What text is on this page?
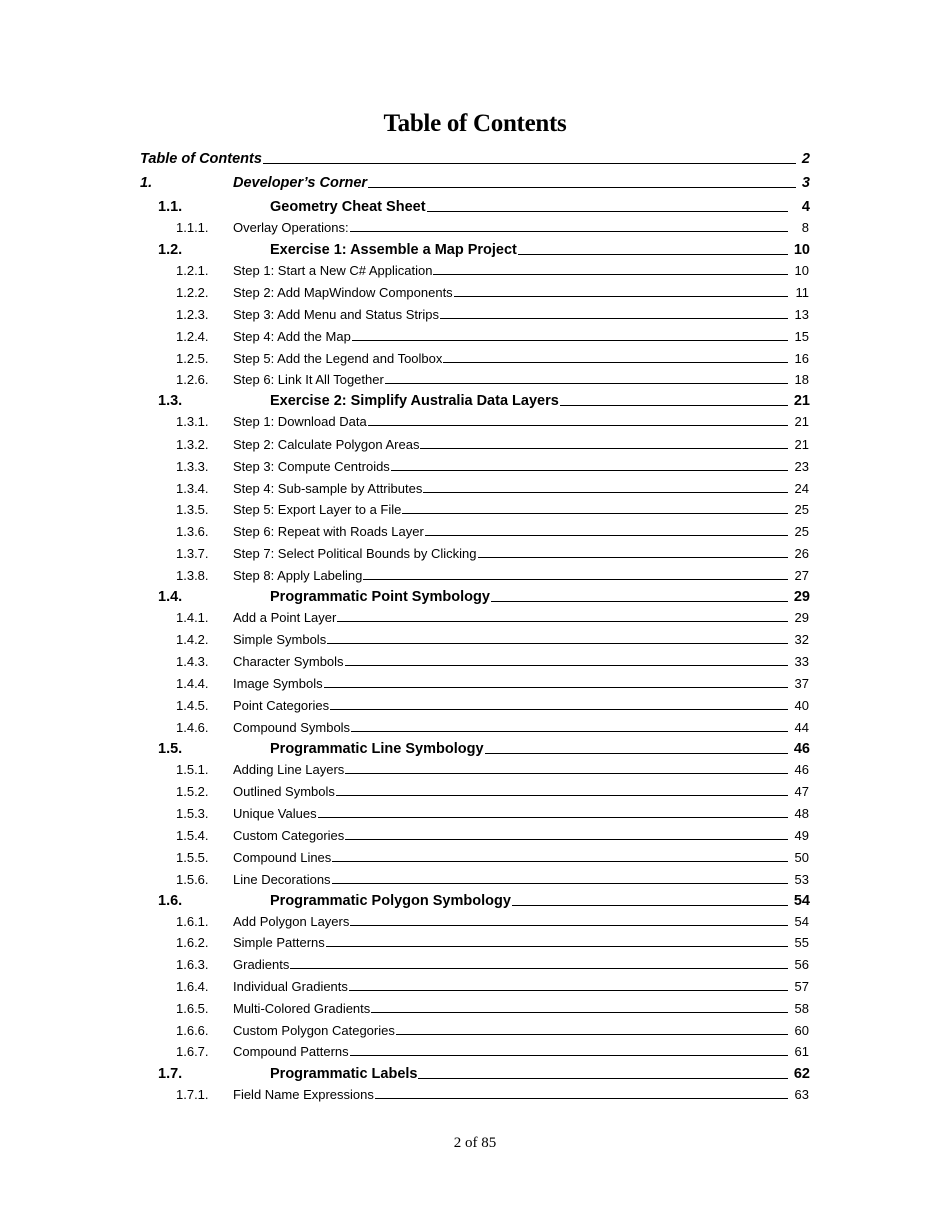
Table of Contents
Table of Contents	2
1.	Developer’s Corner	3
1.1.	Geometry Cheat Sheet	4
1.1.1. Overlay Operations:	8
1.2.	Exercise 1: Assemble a Map Project	10
1.2.1. Step 1: Start a New C# Application	10
1.2.2. Step 2: Add MapWindow Components	11
1.2.3. Step 3: Add Menu and Status Strips	13
1.2.4. Step 4: Add the Map	15
1.2.5. Step 5: Add the Legend and Toolbox	16
1.2.6. Step 6: Link It All Together	18
1.3.	Exercise 2: Simplify Australia Data Layers	21
1.3.1. Step 1: Download Data	21
1.3.2. Step 2: Calculate Polygon Areas	21
1.3.3. Step 3: Compute Centroids	23
1.3.4. Step 4: Sub-sample by Attributes	24
1.3.5. Step 5: Export Layer to a File	25
1.3.6. Step 6: Repeat with Roads Layer	25
1.3.7. Step 7: Select Political Bounds by Clicking	26
1.3.8. Step 8: Apply Labeling	27
1.4.	Programmatic Point Symbology	29
1.4.1. Add a Point Layer	29
1.4.2. Simple Symbols	32
1.4.3. Character Symbols	33
1.4.4. Image Symbols	37
1.4.5. Point Categories	40
1.4.6. Compound Symbols	44
1.5.	Programmatic Line Symbology	46
1.5.1. Adding Line Layers	46
1.5.2. Outlined Symbols	47
1.5.3. Unique Values	48
1.5.4. Custom Categories	49
1.5.5. Compound Lines	50
1.5.6. Line Decorations	53
1.6.	Programmatic Polygon Symbology	54
1.6.1. Add Polygon Layers	54
1.6.2. Simple Patterns	55
1.6.3. Gradients	56
1.6.4. Individual Gradients	57
1.6.5. Multi-Colored Gradients	58
1.6.6. Custom Polygon Categories	60
1.6.7. Compound Patterns	61
1.7.	Programmatic Labels	62
1.7.1. Field Name Expressions	63
2 of 85
